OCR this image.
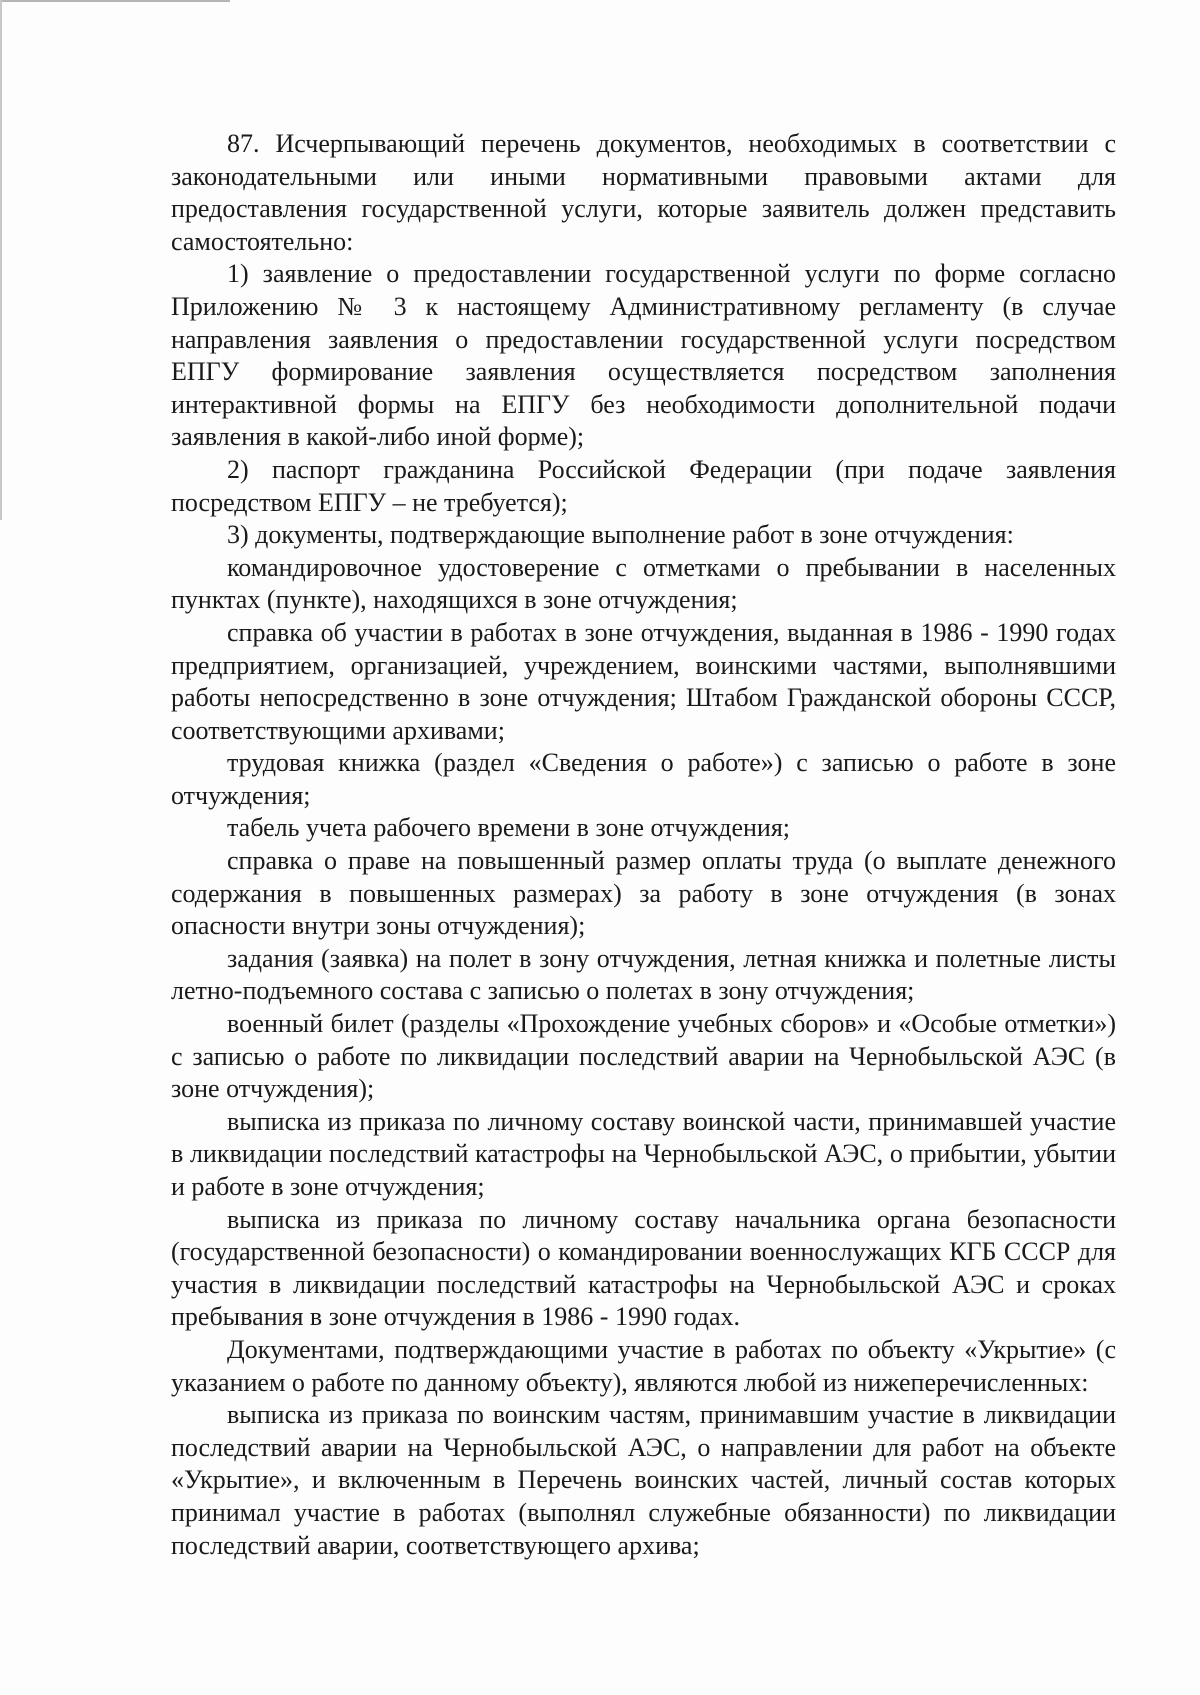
87. Исчерпывающий перечень документов, необходимых в соответствии с законодательными или иными нормативными правовыми актами для предоставления государственной услуги, которые заявитель должен представить самостоятельно:

1) заявление о предоставлении государственной услуги по форме согласно Приложению № 3 к настоящему Административному регламенту (в случае направления заявления о предоставлении государственной услуги посредством ЕПГУ формирование заявления осуществляется посредством заполнения интерактивной формы на ЕПГУ без необходимости дополнительной подачи заявления в какой-либо иной форме);

2) паспорт гражданина Российской Федерации (при подаче заявления посредством ЕПГУ – не требуется);

3) документы, подтверждающие выполнение работ в зоне отчуждения:

командировочное удостоверение с отметками о пребывании в населенных пунктах (пункте), находящихся в зоне отчуждения;

справка об участии в работах в зоне отчуждения, выданная в 1986 - 1990 годах предприятием, организацией, учреждением, воинскими частями, выполнявшими работы непосредственно в зоне отчуждения; Штабом Гражданской обороны СССР, соответствующими архивами;

трудовая книжка (раздел «Сведения о работе») с записью о работе в зоне отчуждения;

табель учета рабочего времени в зоне отчуждения;

справка о праве на повышенный размер оплаты труда (о выплате денежного содержания в повышенных размерах) за работу в зоне отчуждения (в зонах опасности внутри зоны отчуждения);

задания (заявка) на полет в зону отчуждения, летная книжка и полетные листы летно-подъемного состава с записью о полетах в зону отчуждения;

военный билет (разделы «Прохождение учебных сборов» и «Особые отметки») с записью о работе по ликвидации последствий аварии на Чернобыльской АЭС (в зоне отчуждения);

выписка из приказа по личному составу воинской части, принимавшей участие в ликвидации последствий катастрофы на Чернобыльской АЭС, о прибытии, убытии и работе в зоне отчуждения;

выписка из приказа по личному составу начальника органа безопасности (государственной безопасности) о командировании военнослужащих КГБ СССР для участия в ликвидации последствий катастрофы на Чернобыльской АЭС и сроках пребывания в зоне отчуждения в 1986 - 1990 годах.

Документами, подтверждающими участие в работах по объекту «Укрытие» (с указанием о работе по данному объекту), являются любой из нижеперечисленных:

выписка из приказа по воинским частям, принимавшим участие в ликвидации последствий аварии на Чернобыльской АЭС, о направлении для работ на объекте «Укрытие», и включенным в Перечень воинских частей, личный состав которых принимал участие в работах (выполнял служебные обязанности) по ликвидации последствий аварии, соответствующего архива;
